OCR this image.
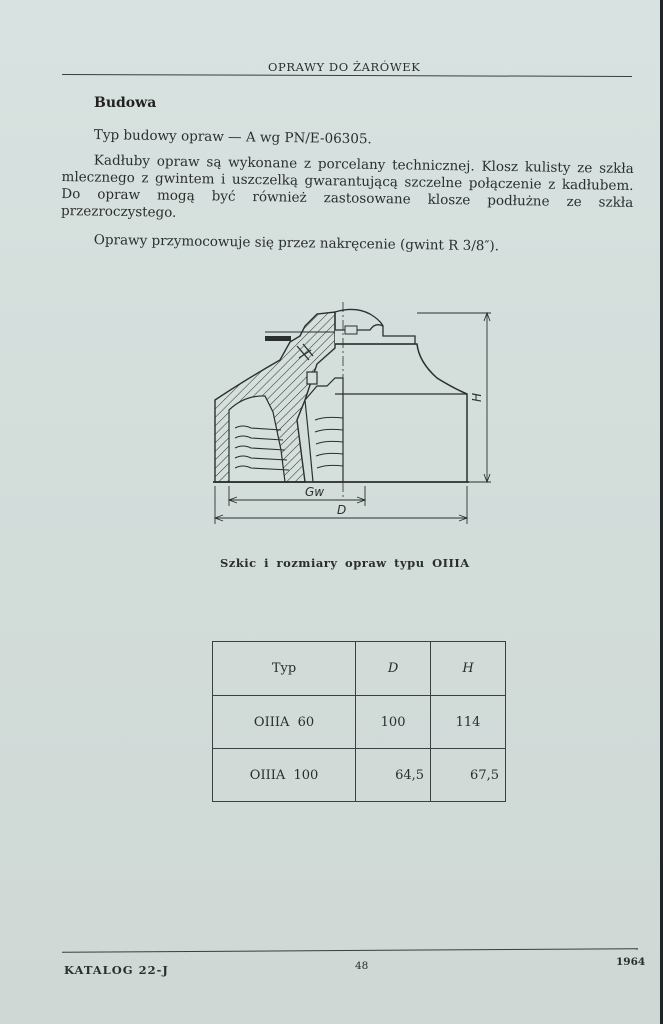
OPRAWY DO ŻARÓWEK
Budowa

Typ budowy opraw — A wg PN/E-06305.

Kadłuby opraw są wykonane z porcelany technicznej. Klosz kulisty ze szkła mlecznego z gwintem i uszczelką gwarantującą szczelne połączenie z kadłubem. Do opraw mogą być również zastosowane klosze podłużne ze szkła przezroczystego.

Oprawy przymocowuje się przez nakręcenie (gwint R 3/8″).

H
Gw
D
Szkic i rozmiary opraw typu OIIIA
Typ	D	H
OIIIA  60	100	114
OIIIA  100	64,5	67,5
KATALOG 22-J	48	1964
